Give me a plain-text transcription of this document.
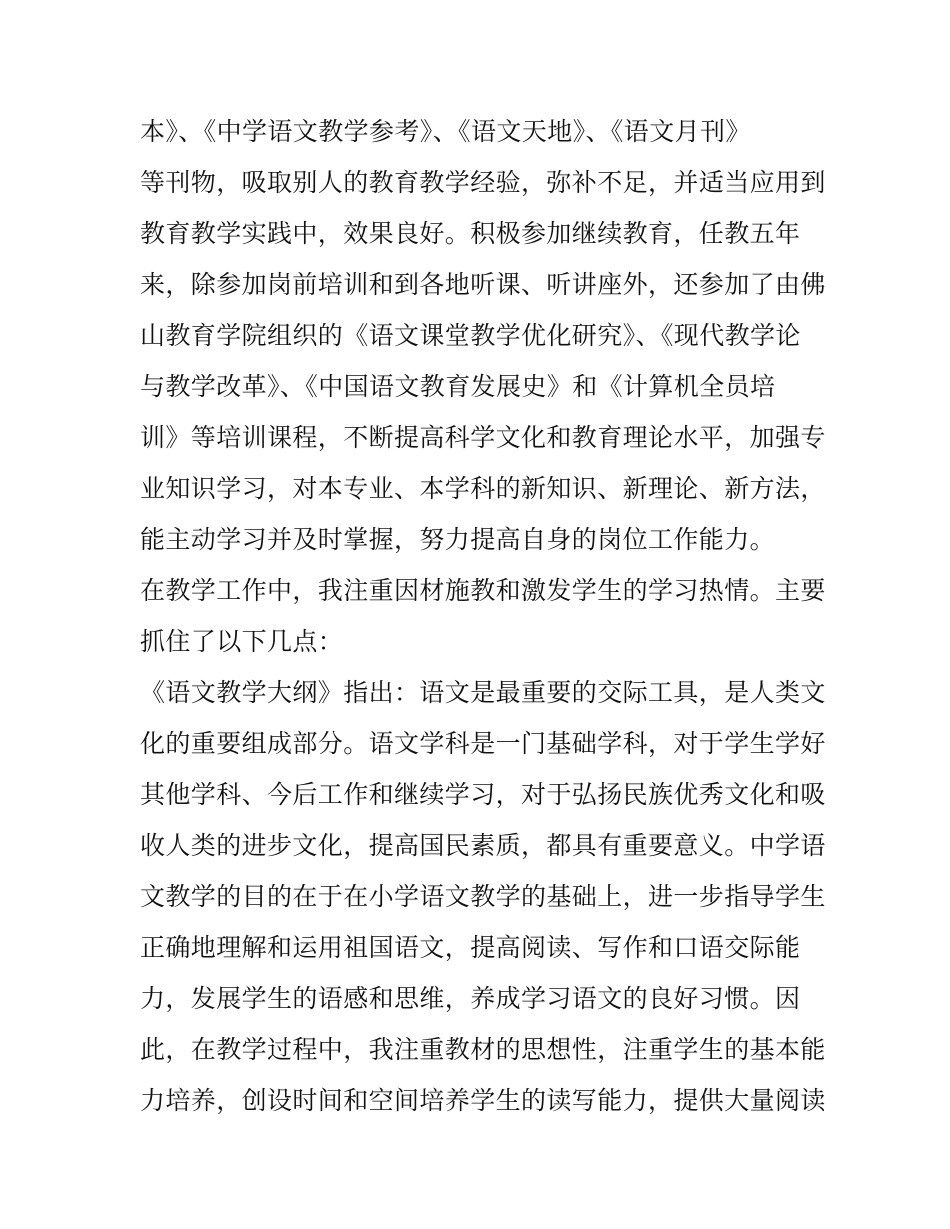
本》、《中学语文教学参考》、《语文天地》、《语文月刊》
等刊物，吸取别人的教育教学经验，弥补不足，并适当应用到
教育教学实践中，效果良好。积极参加继续教育，任教五年
来，除参加岗前培训和到各地听课、听讲座外，还参加了由佛
山教育学院组织的《语文课堂教学优化研究》、《现代教学论
与教学改革》、《中国语文教育发展史》和《计算机全员培
训》等培训课程，不断提高科学文化和教育理论水平，加强专
业知识学习，对本专业、本学科的新知识、新理论、新方法，
能主动学习并及时掌握，努力提高自身的岗位工作能力。
在教学工作中，我注重因材施教和激发学生的学习热情。主要
抓住了以下几点：
《语文教学大纲》指出：语文是最重要的交际工具，是人类文
化的重要组成部分。语文学科是一门基础学科，对于学生学好
其他学科、今后工作和继续学习，对于弘扬民族优秀文化和吸
收人类的进步文化，提高国民素质，都具有重要意义。中学语
文教学的目的在于在小学语文教学的基础上，进一步指导学生
正确地理解和运用祖国语文，提高阅读、写作和口语交际能
力，发展学生的语感和思维，养成学习语文的良好习惯。因
此，在教学过程中，我注重教材的思想性，注重学生的基本能
力培养，创设时间和空间培养学生的读写能力，提供大量阅读
